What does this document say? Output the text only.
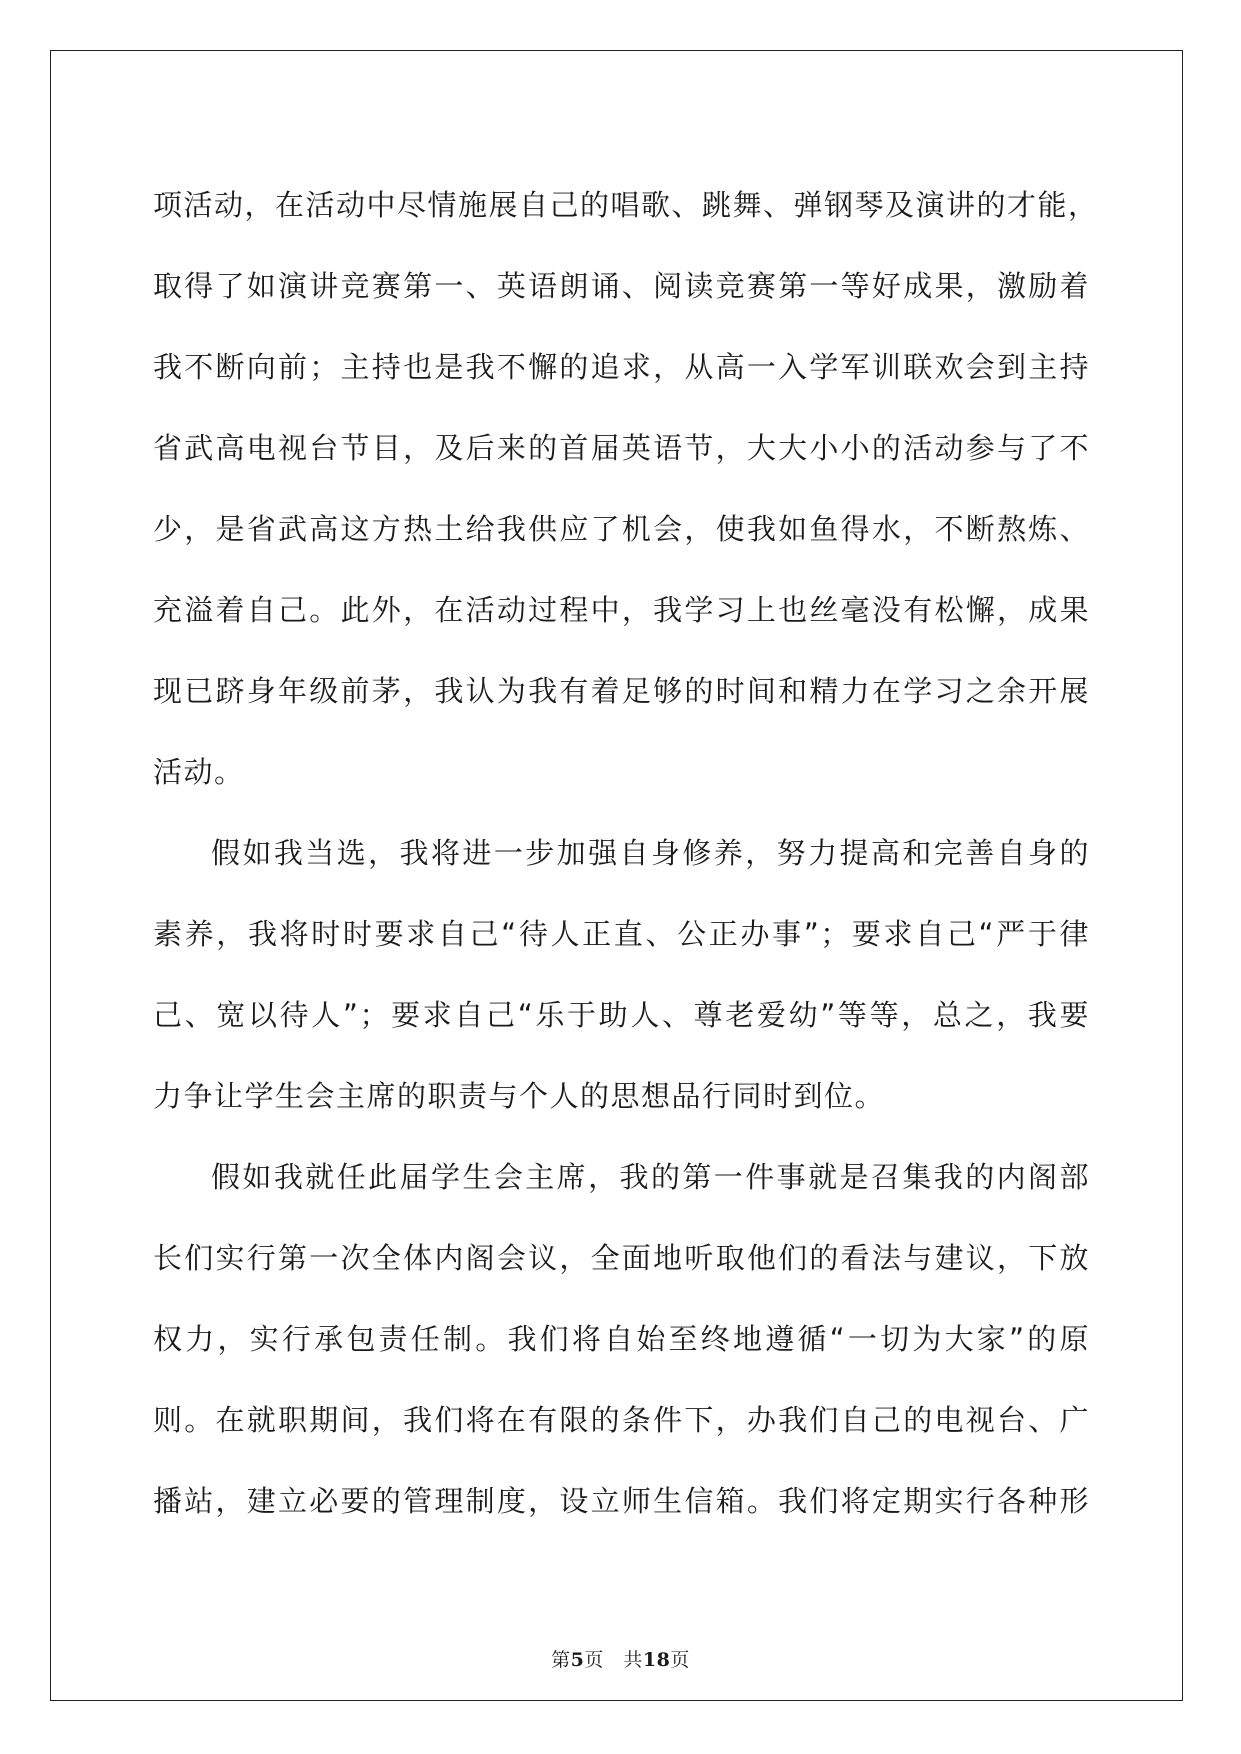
项活动，在活动中尽情施展自己的唱歌、跳舞、弹钢琴及演讲的才能，
取得了如演讲竞赛第一、英语朗诵、阅读竞赛第一等好成果，激励着
我不断向前；主持也是我不懈的追求，从高一入学军训联欢会到主持
省武高电视台节目，及后来的首届英语节，大大小小的活动参与了不
少，是省武高这方热土给我供应了机会，使我如鱼得水，不断熬炼、
充溢着自己。此外，在活动过程中，我学习上也丝毫没有松懈，成果
现已跻身年级前茅，我认为我有着足够的时间和精力在学习之余开展
活动。
假如我当选，我将进一步加强自身修养，努力提高和完善自身的
素养，我将时时要求自己“待人正直、公正办事”；要求自己“严于律
己、宽以待人”；要求自己“乐于助人、尊老爱幼”等等，总之，我要
力争让学生会主席的职责与个人的思想品行同时到位。
假如我就任此届学生会主席，我的第一件事就是召集我的内阁部
长们实行第一次全体内阁会议，全面地听取他们的看法与建议，下放
权力，实行承包责任制。我们将自始至终地遵循“一切为大家”的原
则。在就职期间，我们将在有限的条件下，办我们自己的电视台、广
播站，建立必要的管理制度，设立师生信箱。我们将定期实行各种形
第5页　共18页
